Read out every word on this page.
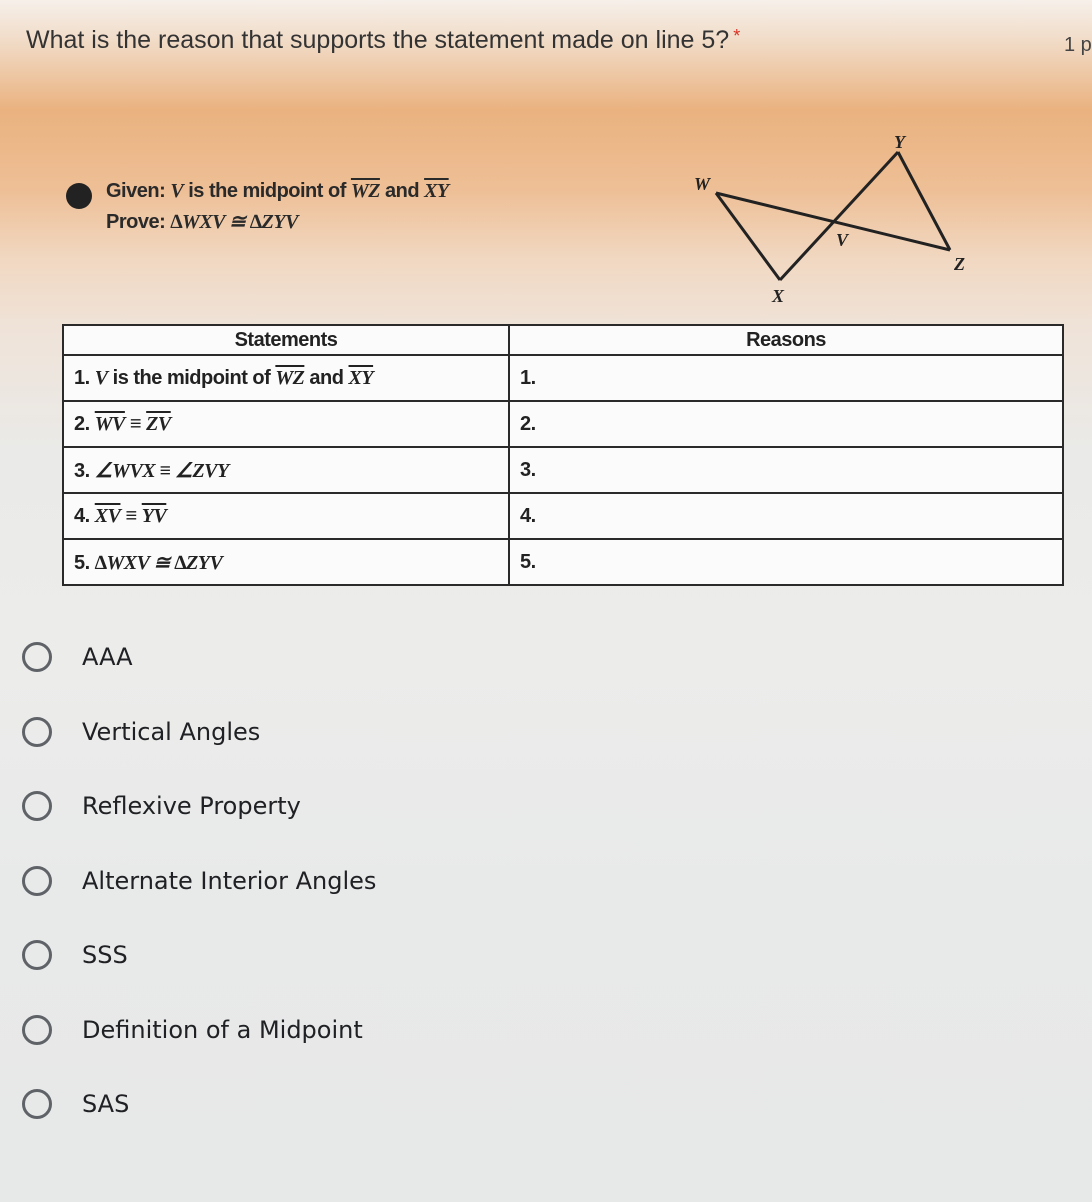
What is the reason that supports the statement made on line 5? *	1 p
Given: V is the midpoint of $\overline{WZ}$ and $\overline{XY}$
Prove: ∆WXV ≅ ∆ZYV
W
Y
V
Z
X
Statements	Reasons
1. V is the midpoint of $\overline{WZ}$ and $\overline{XY}$	1.
2. $\overline{WV} \equiv \overline{ZV}$	2.
3. ∠WVX ≡ ∠ZVY	3.
4. $\overline{XV} \equiv \overline{YV}$	4.
5. ∆WXV ≅ ∆ZYV	5.
AAA
Vertical Angles
Reflexive Property
Alternate Interior Angles
SSS
Definition of a Midpoint
SAS
